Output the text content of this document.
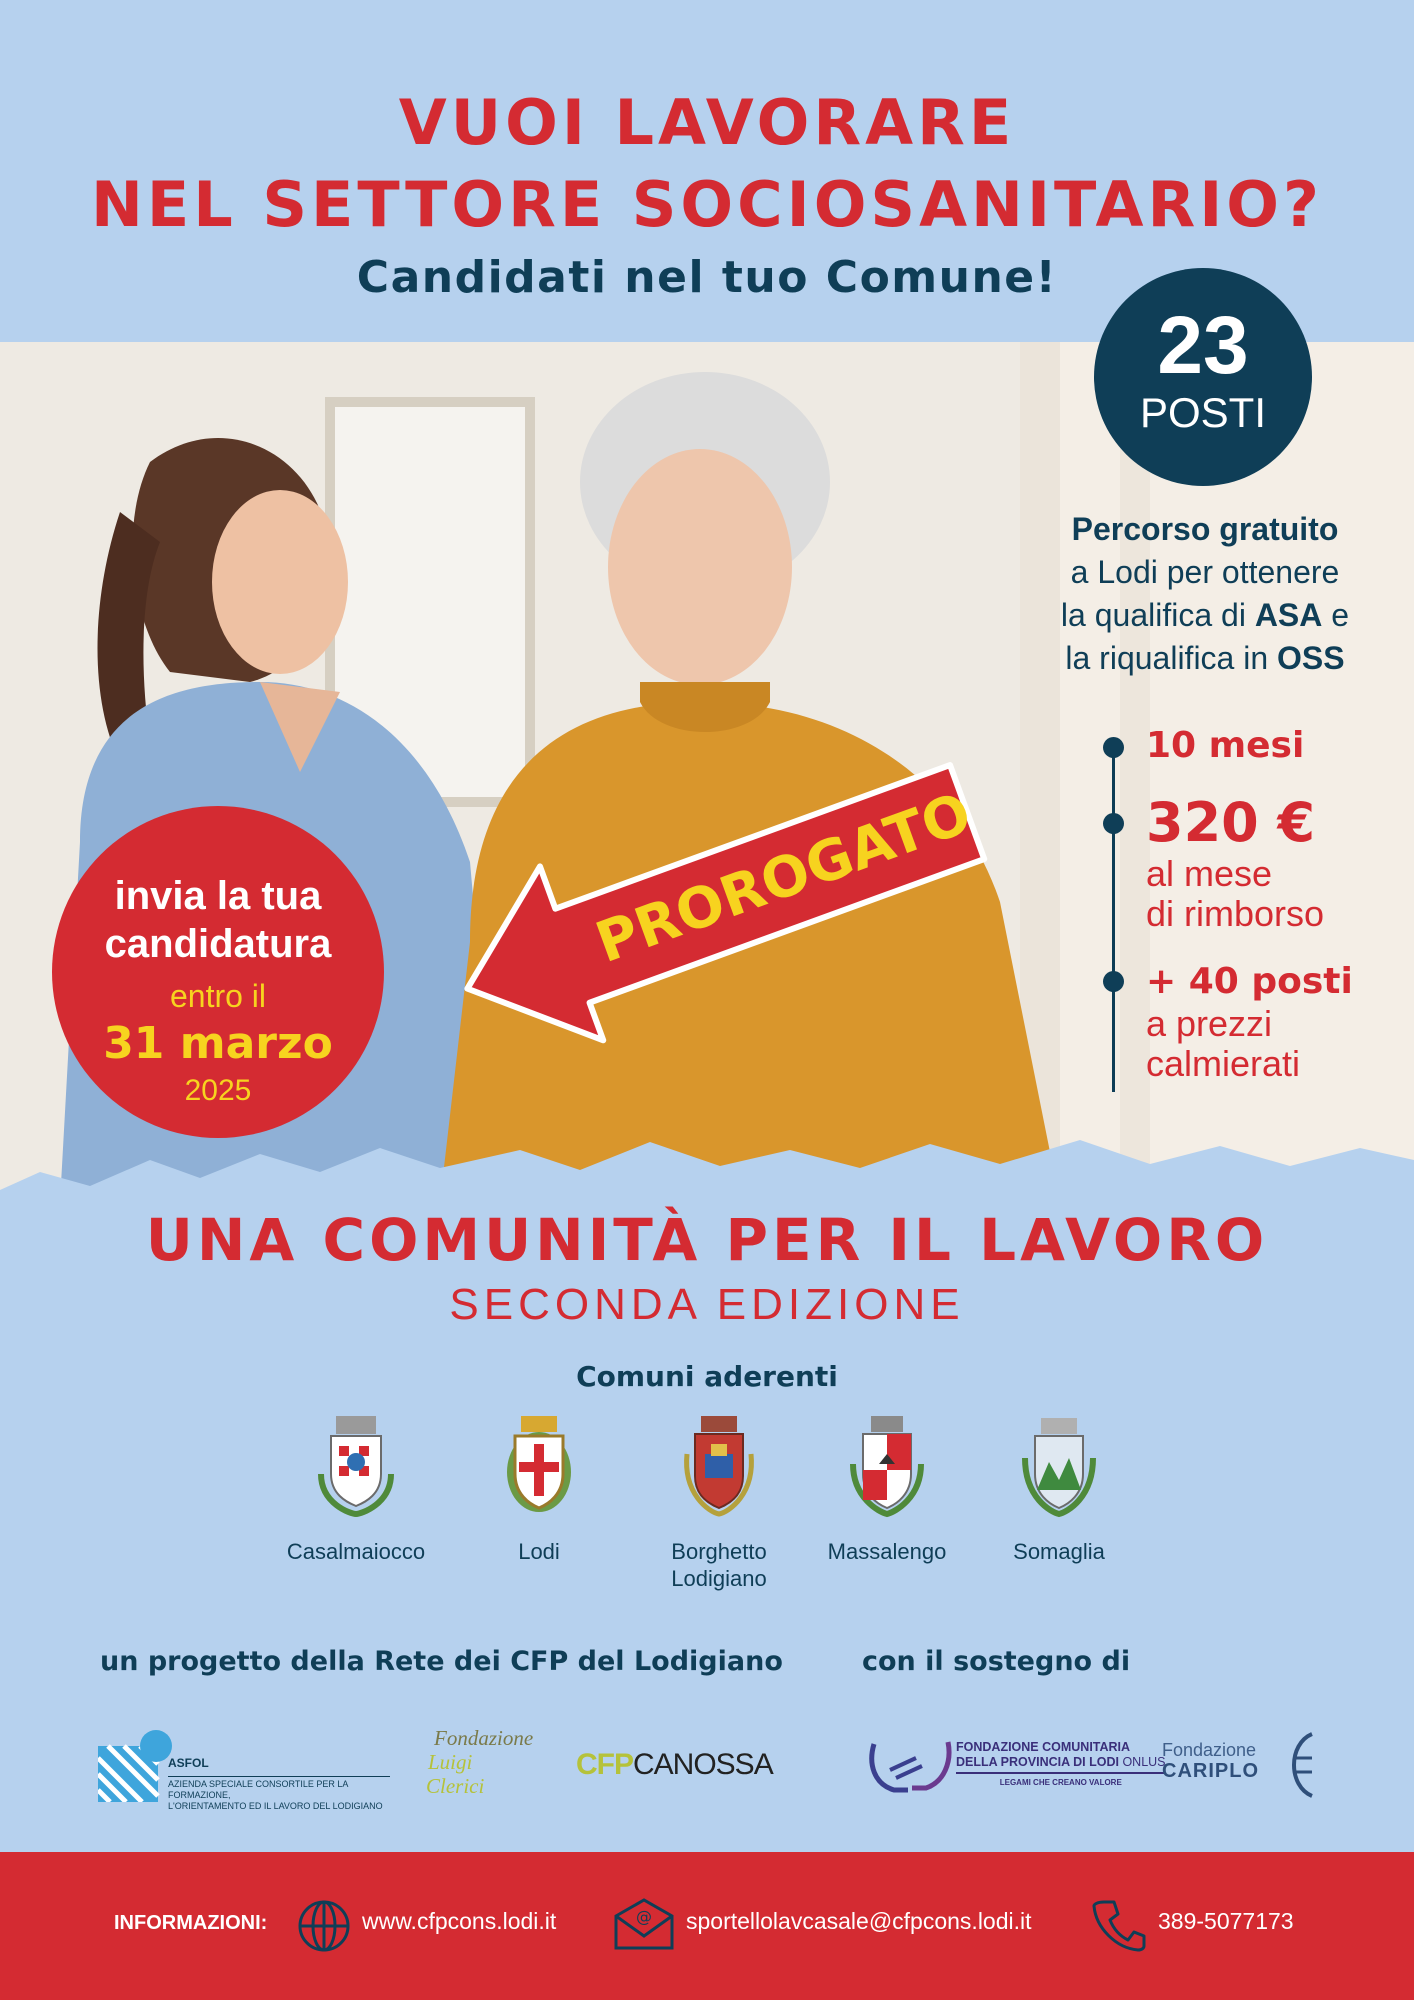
VUOI LAVORARE
NEL SETTORE SOCIOSANITARIO?
Candidati nel tuo Comune!
23
POSTI
Percorso gratuito
a Lodi per ottenere
la qualifica di ASA e
la riqualifica in OSS
10 mesi
320 €
al mese
di rimborso
+ 40 posti
a prezzi
calmierati
invia la tua
candidatura
entro il
31 marzo
2025
PROROGATO
UNA COMUNITÀ PER IL LAVORO
SECONDA EDIZIONE
Comuni aderenti
Casalmaiocco	Lodi	Borghetto
Lodigiano
Massalengo	Somaglia
un progetto della Rete dei CFP del Lodigiano	con il sostegno di
ASFOL
AZIENDA SPECIALE CONSORTILE PER LA FORMAZIONE,
L'ORIENTAMENTO ED IL LAVORO DEL LODIGIANO
Fondazione
Luigi
Clerici
CFPCANOSSA
FONDAZIONE COMUNITARIA
DELLA PROVINCIA DI LODI ONLUS
LEGAMI CHE CREANO VALORE
Fondazione
CARIPLO
INFORMAZIONI:	www.cfpcons.lodi.it	@ sportellolavcasale@cfpcons.lodi.it	389-5077173
